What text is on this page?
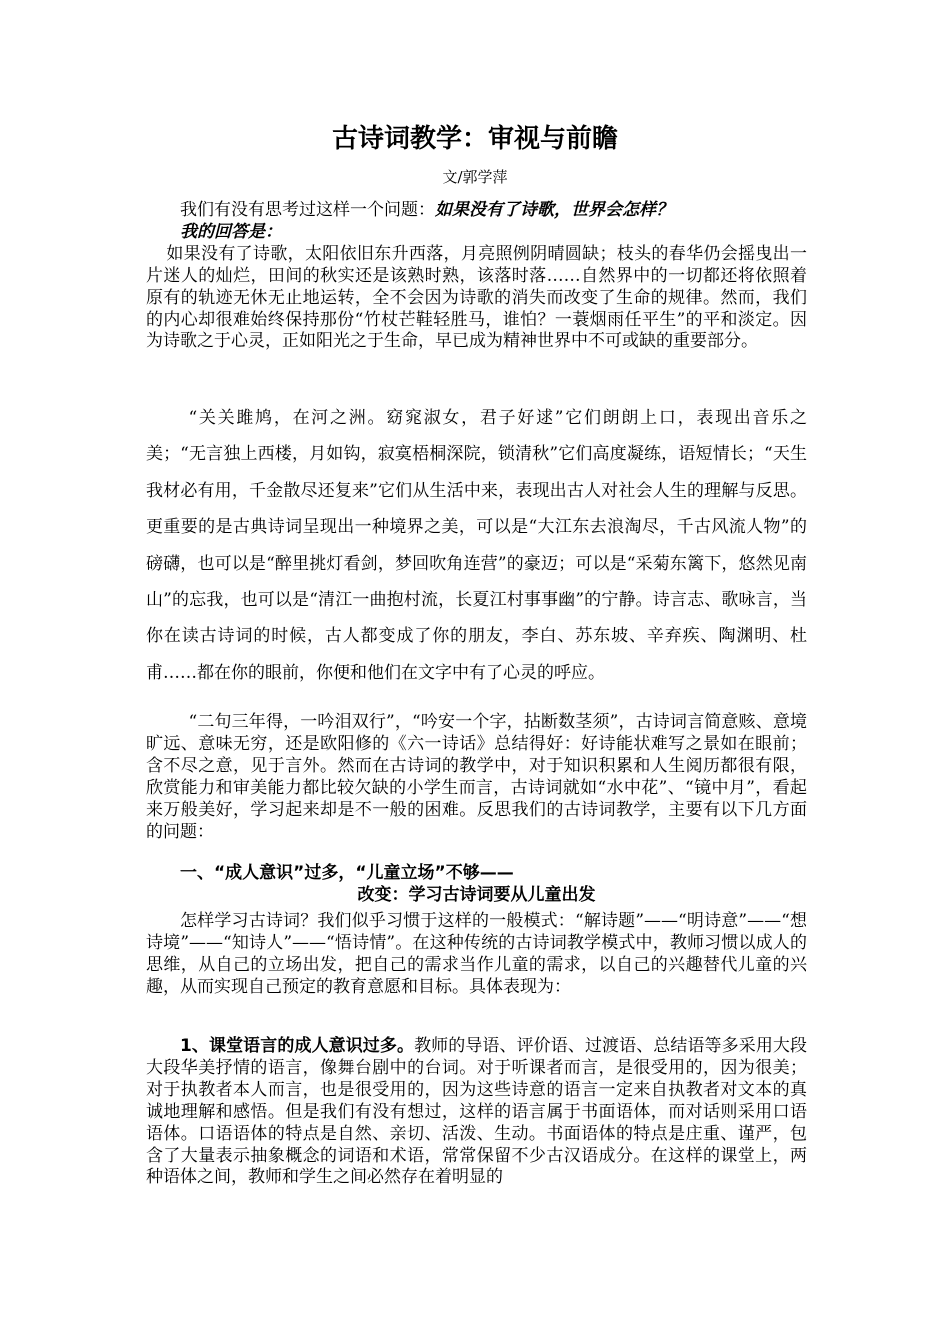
古诗词教学：审视与前瞻
文/郭学萍

我们有没有思考过这样一个问题：如果没有了诗歌，世界会怎样？

我的回答是：

如果没有了诗歌，太阳依旧东升西落，月亮照例阴晴圆缺；枝头的春华仍会摇曳出一片迷人的灿烂，田间的秋实还是该熟时熟，该落时落……自然界中的一切都还将依照着原有的轨迹无休无止地运转，全不会因为诗歌的消失而改变了生命的规律。然而，我们的内心却很难始终保持那份“竹杖芒鞋轻胜马，谁怕？一蓑烟雨任平生”的平和淡定。因为诗歌之于心灵，正如阳光之于生命，早已成为精神世界中不可或缺的重要部分。

“关关雎鸠，在河之洲。窈窕淑女，君子好逑”它们朗朗上口，表现出音乐之美；“无言独上西楼，月如钩，寂寞梧桐深院，锁清秋”它们高度凝练，语短情长；“天生我材必有用，千金散尽还复来”它们从生活中来，表现出古人对社会人生的理解与反思。更重要的是古典诗词呈现出一种境界之美，可以是“大江东去浪淘尽，千古风流人物”的磅礴，也可以是“醉里挑灯看剑，梦回吹角连营”的豪迈；可以是“采菊东篱下，悠然见南山”的忘我，也可以是“清江一曲抱村流，长夏江村事事幽”的宁静。诗言志、歌咏言，当你在读古诗词的时候，古人都变成了你的朋友，李白、苏东坡、辛弃疾、陶渊明、杜甫……都在你的眼前，你便和他们在文字中有了心灵的呼应。

“二句三年得，一吟泪双行”，“吟安一个字，拈断数茎须”，古诗词言简意赅、意境旷远、意味无穷，还是欧阳修的《六一诗话》总结得好：好诗能状难写之景如在眼前；含不尽之意，见于言外。然而在古诗词的教学中，对于知识积累和人生阅历都很有限，欣赏能力和审美能力都比较欠缺的小学生而言，古诗词就如“水中花”、“镜中月”，看起来万般美好，学习起来却是不一般的困难。反思我们的古诗词教学，主要有以下几方面的问题：

一、“成人意识”过多，“儿童立场”不够——

改变：学习古诗词要从儿童出发

怎样学习古诗词？我们似乎习惯于这样的一般模式：“解诗题”——“明诗意”——“想诗境”——“知诗人”——“悟诗情”。在这种传统的古诗词教学模式中，教师习惯以成人的思维，从自己的立场出发，把自己的需求当作儿童的需求，以自己的兴趣替代儿童的兴趣，从而实现自己预定的教育意愿和目标。具体表现为：

1、课堂语言的成人意识过多。教师的导语、评价语、过渡语、总结语等多采用大段大段华美抒情的语言，像舞台剧中的台词。对于听课者而言，是很受用的，因为很美；对于执教者本人而言，也是很受用的，因为这些诗意的语言一定来自执教者对文本的真诚地理解和感悟。但是我们有没有想过，这样的语言属于书面语体，而对话则采用口语语体。口语语体的特点是自然、亲切、活泼、生动。书面语体的特点是庄重、谨严，包含了大量表示抽象概念的词语和术语，常常保留不少古汉语成分。在这样的课堂上，两种语体之间，教师和学生之间必然存在着明显的
